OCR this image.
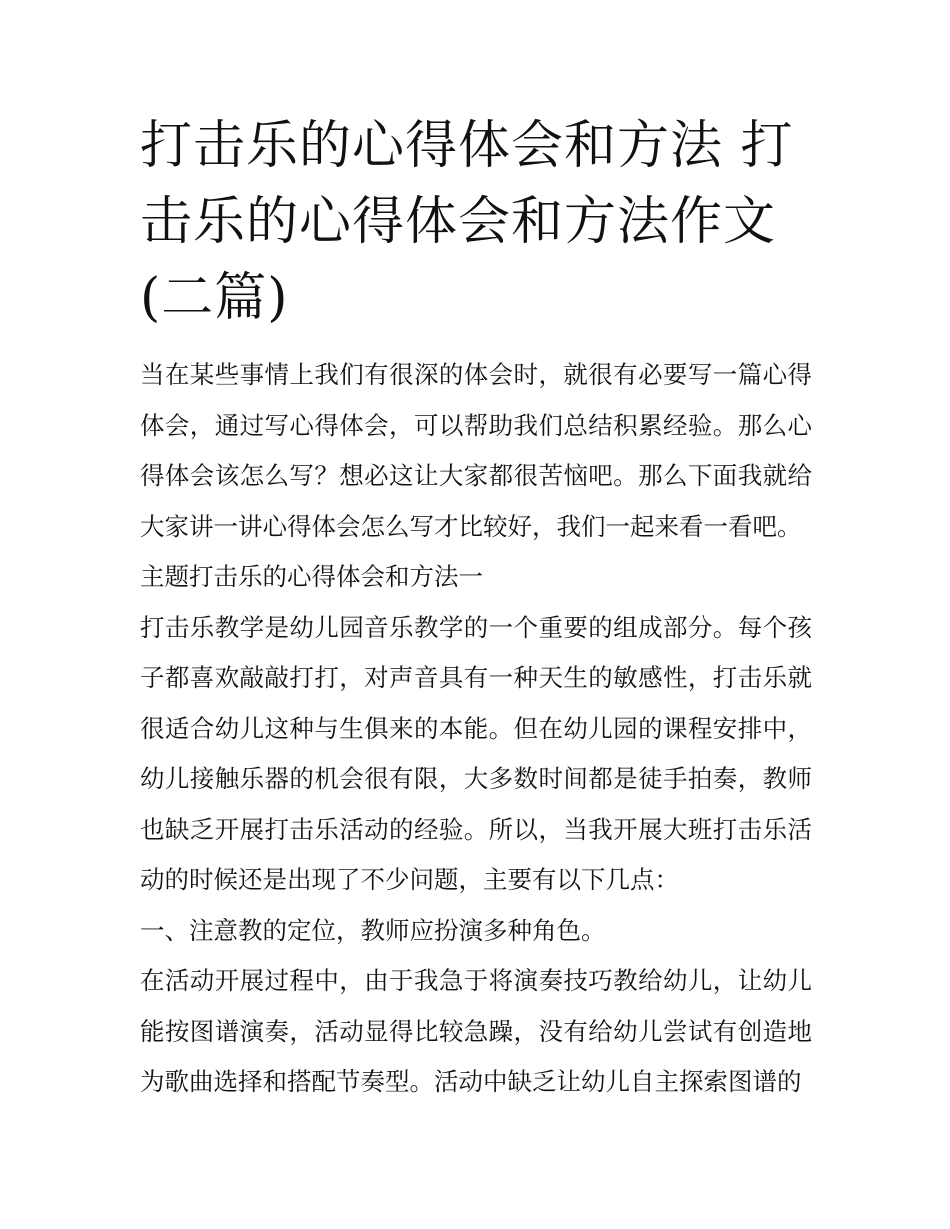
打击乐的心得体会和方法 打击乐的心得体会和方法作文(二篇)

当在某些事情上我们有很深的体会时，就很有必要写一篇心得体会，通过写心得体会，可以帮助我们总结积累经验。那么心得体会该怎么写？想必这让大家都很苦恼吧。那么下面我就给大家讲一讲心得体会怎么写才比较好，我们一起来看一看吧。

主题打击乐的心得体会和方法一

打击乐教学是幼儿园音乐教学的一个重要的组成部分。每个孩子都喜欢敲敲打打，对声音具有一种天生的敏感性，打击乐就很适合幼儿这种与生俱来的本能。但在幼儿园的课程安排中，幼儿接触乐器的机会很有限，大多数时间都是徒手拍奏，教师也缺乏开展打击乐活动的经验。所以，当我开展大班打击乐活动的时候还是出现了不少问题，主要有以下几点：

一、注意教的定位，教师应扮演多种角色。

在活动开展过程中，由于我急于将演奏技巧教给幼儿，让幼儿能按图谱演奏，活动显得比较急躁，没有给幼儿尝试有创造地为歌曲选择和搭配节奏型。活动中缺乏让幼儿自主探索图谱的
